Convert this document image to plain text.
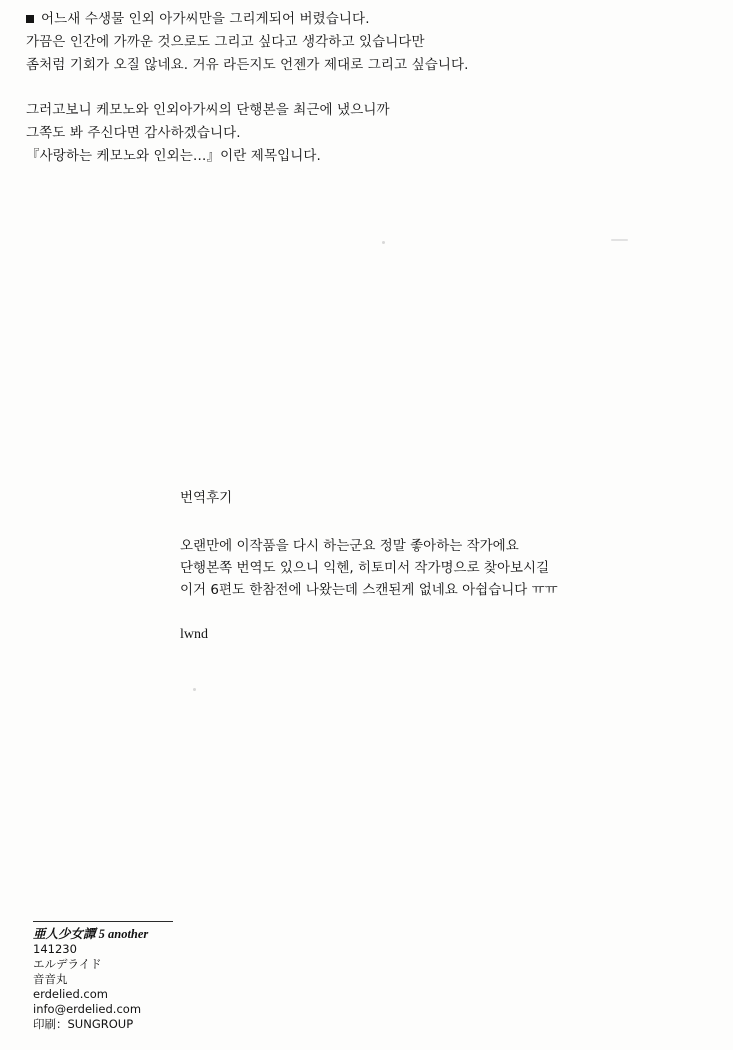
어느새 수생물 인외 아가씨만을 그리게되어 버렸습니다.
가끔은 인간에 가까운 것으로도 그리고 싶다고 생각하고 있습니다만
좀처럼 기회가 오질 않네요. 거유 라든지도 언젠가 제대로 그리고 싶습니다.
그러고보니 케모노와 인외아가씨의 단행본을 최근에 냈으니까
그쪽도 봐 주신다면 감사하겠습니다.
『사랑하는 케모노와 인외는…』이란 제목입니다.
번역후기
오랜만에 이작품을 다시 하는군요 정말 좋아하는 작가에요
단행본쪽 번역도 있으니 익헨, 히토미서 작가명으로 찾아보시길
이거 6편도 한참전에 나왔는데 스캔된게 없네요 아쉽습니다 ㅠㅠ
lwnd
亜人少女譚 5 another
141230
エルデライド
音音丸
erdelied.com
info@erdelied.com
印刷：SUNGROUP
